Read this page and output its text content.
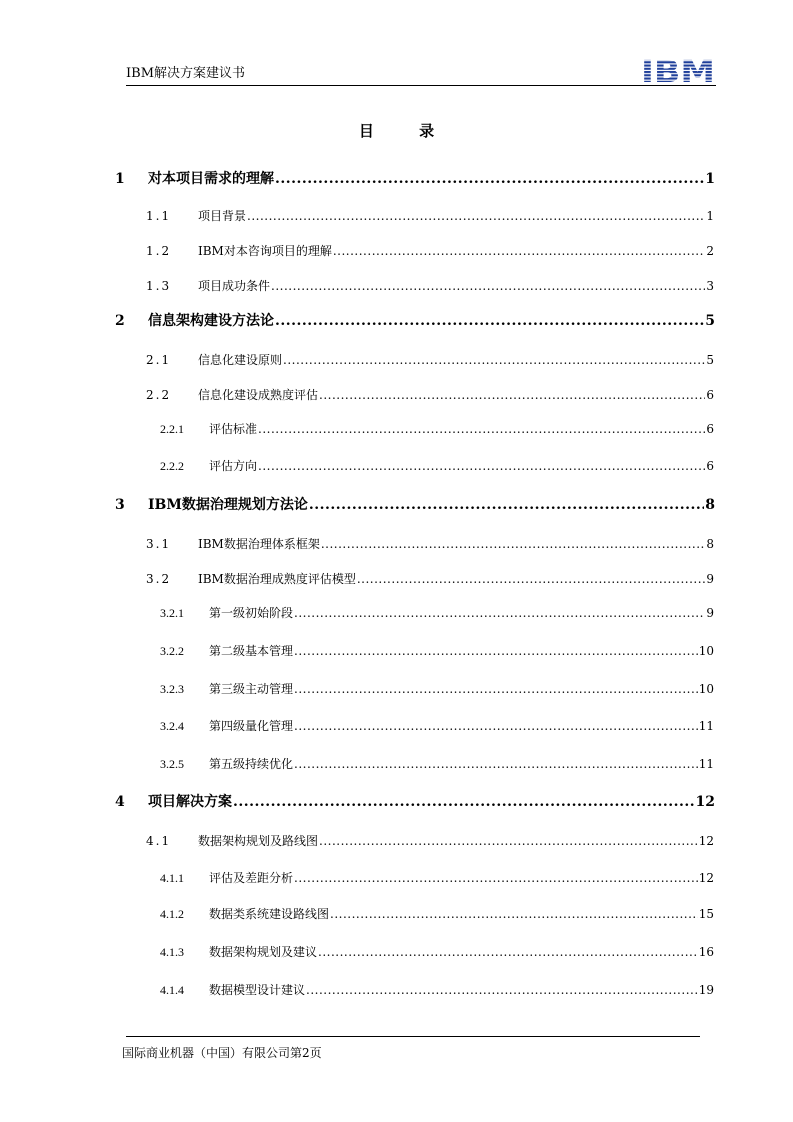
IBM解决方案建议书	IBM
目 录
1 对本项目需求的理解 .....	1
1.1 项目背景 .....	1
1.2 IBM对本咨询项目的理解 .....	2
1.3 项目成功条件 .....	3
2 信息架构建设方法论 .....	5
2.1 信息化建设原则 .....	5
2.2 信息化建设成熟度评估 .....	6
2.2.1 评估标准 .....	6
2.2.2 评估方向 .....	6
3 IBM数据治理规划方法论 .....	8
3.1 IBM数据治理体系框架 .....	8
3.2 IBM数据治理成熟度评估模型 .....	9
3.2.1 第一级初始阶段 .....	9
3.2.2 第二级基本管理 .....	10
3.2.3 第三级主动管理 .....	10
3.2.4 第四级量化管理 .....	11
3.2.5 第五级持续优化 .....	11
4 项目解决方案 .....	12
4.1 数据架构规划及路线图 .....	12
4.1.1 评估及差距分析 .....	12
4.1.2 数据类系统建设路线图 .....	15
4.1.3 数据架构规划及建议 .....	16
4.1.4 数据模型设计建议 .....	19
国际商业机器（中国）有限公司第2页
